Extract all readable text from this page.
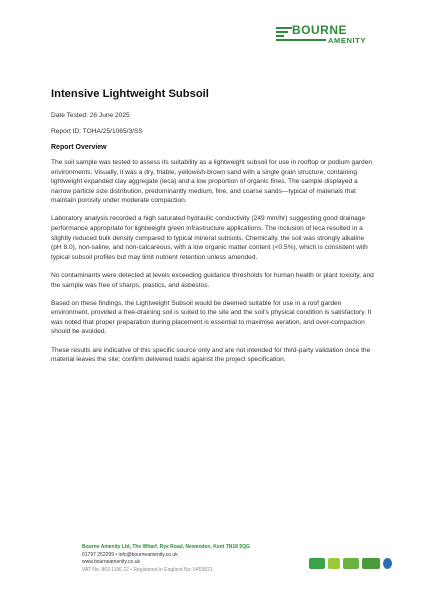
BOURNE
AMENITY
Intensive Lightweight Subsoil
Date Tested: 26 June 2025
Report ID: TOHA/25/1065/3/SS
Report Overview

The soil sample was tested to assess its suitability as a lightweight subsoil for use in rooftop or podium garden environments. Visually, it was a dry, friable, yellowish-brown sand with a single grain structure, containing lightweight expanded clay aggregate (leca) and a low proportion of organic fines. The sample displayed a narrow particle size distribution, predominantly medium, fine, and coarse sands—typical of materials that maintain porosity under moderate compaction.

Laboratory analysis recorded a high saturated hydraulic conductivity (249 mm/hr) suggesting good drainage performance appropriate for lightweight green infrastructure applications. The inclusion of leca resulted in a slightly reduced bulk density compared to typical mineral subsoils. Chemically, the soil was strongly alkaline (pH 8.0), non-saline, and non-calcareous, with a low organic matter content (<0.5%), which is consistent with typical subsoil profiles but may limit nutrient retention unless amended.

No contaminants were detected at levels exceeding guidance thresholds for human health or plant toxicity, and the sample was free of sharps, plastics, and asbestos.

Based on these findings, the Lightweight Subsoil would be deemed suitable for use in a roof garden environment, provided a free-draining soil is suited to the site and the soil's physical condition is satisfactory. It was noted that proper preparation during placement is essential to maximise aeration, and over-compaction should be avoided.

These results are indicative of this specific source only and are not intended for third-party validation once the material leaves the site; confirm delivered loads against the project specification.

Bourne Amenity Ltd, The Wharf, Rye Road, Newenden, Kent TN18 5QG
01797 252299 • info@bourneamenity.co.uk
www.bourneamenity.co.uk
VAT No: 863 1196 22 • Registered in England No: 5453821
